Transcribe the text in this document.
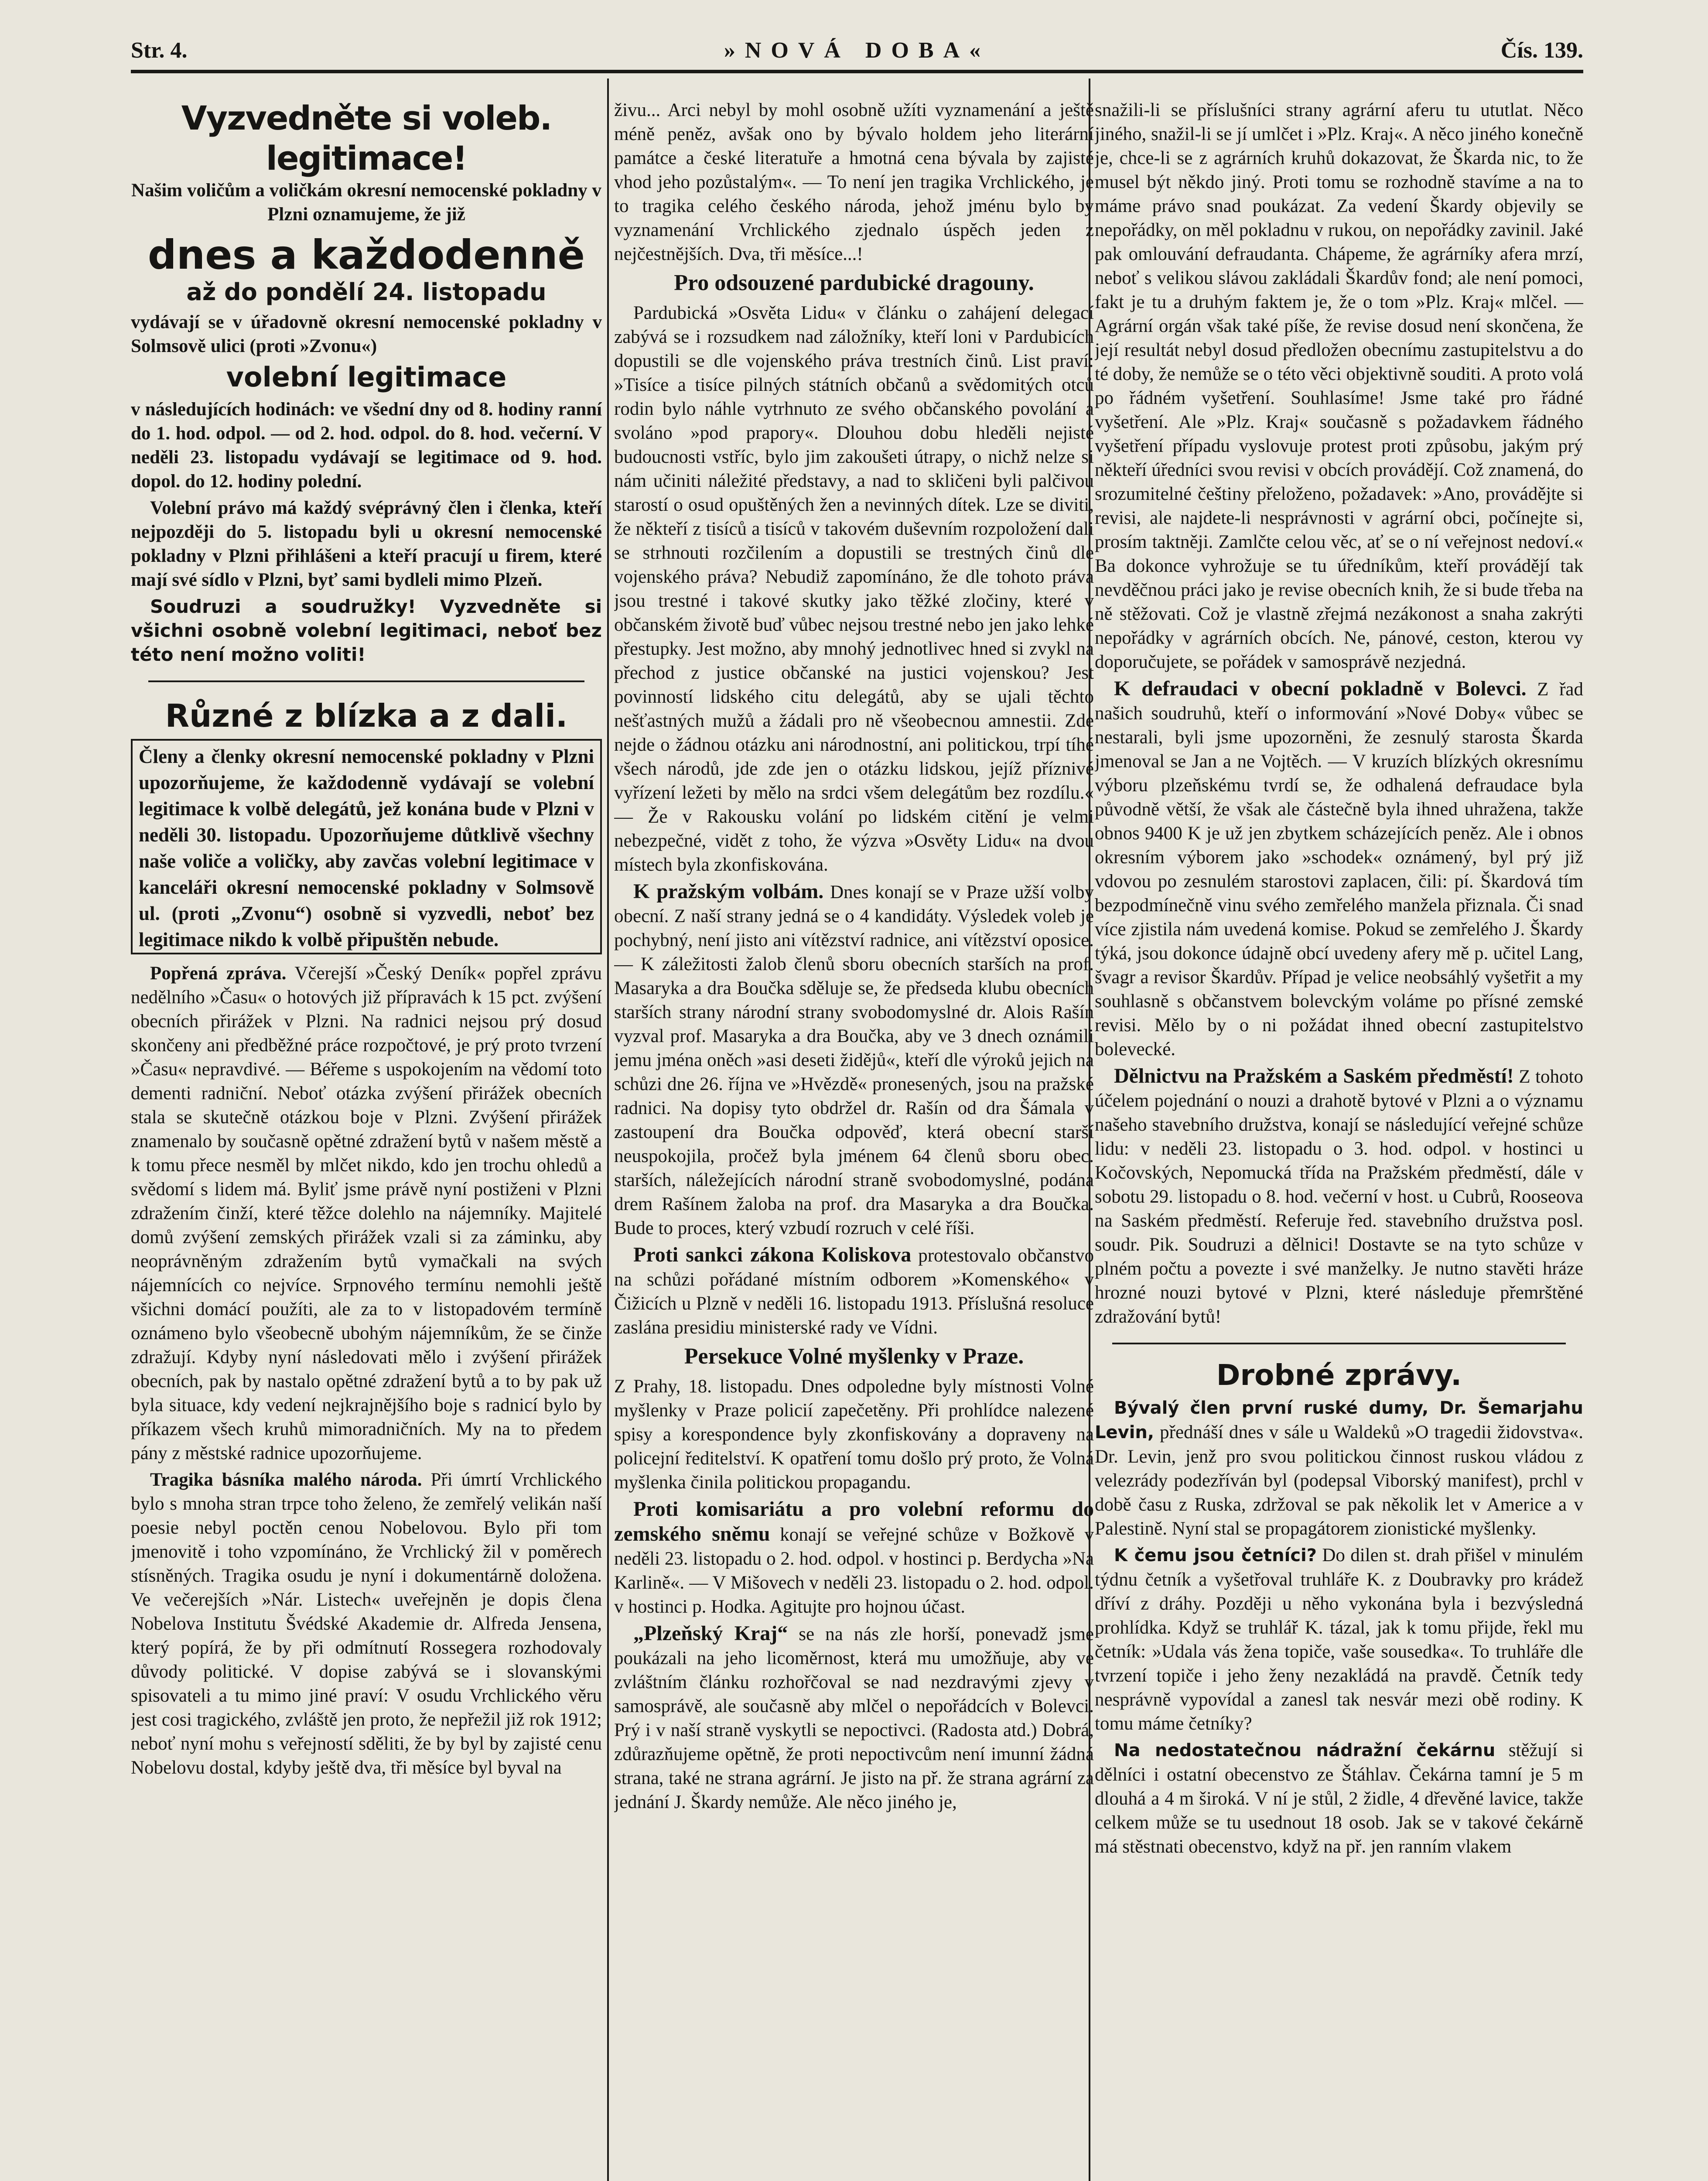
Str. 4.	»NOVÁ DOBA«	Čís. 139.
Vyzvedněte si voleb. legitimace!

Našim voličům a voličkám okresní nemocenské pokladny v Plzni oznamujeme, že již

dnes a každodenně
až do pondělí 24. listopadu

vydávají se v úřadovně okresní nemocenské pokladny v Solmsově ulici (proti »Zvonu«)

volební legitimace

v následujících hodinách: ve všední dny od 8. hodiny ranní do 1. hod. odpol. — od 2. hod. odpol. do 8. hod. večerní. V neděli 23. listopadu vydávají se legitimace od 9. hod. dopol. do 12. hodiny polední.

Volební právo má každý svéprávný člen i členka, kteří nejpozději do 5. listopadu byli u okresní nemocenské pokladny v Plzni přihlášeni a kteří pracují u firem, které mají své sídlo v Plzni, byť sami bydleli mimo Plzeň.

Soudruzi a soudružky! Vyzvedněte si všichni osobně volební legitimaci, neboť bez této není možno voliti!

Různé z blízka a z dali.

Členy a členky okresní nemocenské pokladny v Plzni upozorňujeme, že každodenně vydávají se volební legitimace k volbě delegátů, jež konána bude v Plzni v neděli 30. listopadu. Upozorňujeme důtklivě všechny naše voliče a voličky, aby zavčas volební legitimace v kanceláři okresní nemocenské pokladny v Solmsově ul. (proti „Zvonu“) osobně si vyzvedli, neboť bez legitimace nikdo k volbě připuštěn nebude.

Popřená zpráva. Včerejší »Český Deník« popřel zprávu nedělního »Času« o hotových již přípravách k 15 pct. zvýšení obecních přirážek v Plzni. Na radnici nejsou prý dosud skončeny ani předběžné práce rozpočtové, je prý proto tvrzení »Času« nepravdivé. — Béřeme s uspokojením na vědomí toto dementi radniční. Neboť otázka zvýšení přirážek obecních stala se skutečně otázkou boje v Plzni. Zvýšení přirážek znamenalo by současně opětné zdražení bytů v našem městě a k tomu přece nesměl by mlčet nikdo, kdo jen trochu ohledů a svědomí s lidem má. Byliť jsme právě nyní postiženi v Plzni zdražením činží, které těžce dolehlo na nájemníky. Majitelé domů zvýšení zemských přirážek vzali si za záminku, aby neoprávněným zdražením bytů vymačkali na svých nájemnících co nejvíce. Srpnového termínu nemohli ještě všichni domácí použíti, ale za to v listopadovém termíně oznámeno bylo všeobecně ubohým nájemníkům, že se činže zdražují. Kdyby nyní následovati mělo i zvýšení přirážek obecních, pak by nastalo opětné zdražení bytů a to by pak už byla situace, kdy vedení nejkrajnějšího boje s radnicí bylo by příkazem všech kruhů mimoradničních. My na to předem pány z městské radnice upozorňujeme.

Tragika básníka malého národa. Při úmrtí Vrchlického bylo s mnoha stran trpce toho želeno, že zemřelý velikán naší poesie nebyl poctěn cenou Nobelovou. Bylo při tom jmenovitě i toho vzpomínáno, že Vrchlický žil v poměrech stísněných. Tragika osudu je nyní i dokumentárně doložena. Ve večerejších »Nár. Listech« uveřejněn je dopis člena Nobelova Institutu Švédské Akademie dr. Alfreda Jensena, který popírá, že by při odmítnutí Rossegera rozhodovaly důvody politické. V dopise zabývá se i slovanskými spisovateli a tu mimo jiné praví: V osudu Vrchlického věru jest cosi tragického, zvláště jen proto, že nepřežil již rok 1912; neboť nyní mohu s veřejností sděliti, že by byl by zajisté cenu Nobelovu dostal, kdyby ještě dva, tři měsíce byl byval na

živu... Arci nebyl by mohl osobně užíti vyznamenání a ještě méně peněz, avšak ono by bývalo holdem jeho literární památce a české literatuře a hmotná cena bývala by zajisté vhod jeho pozůstalým«. — To není jen tragika Vrchlického, je to tragika celého českého národa, jehož jménu bylo by vyznamenání Vrchlického zjednalo úspěch jeden z nejčestnějších. Dva, tři měsíce...!

Pro odsouzené pardubické dragouny.

Pardubická »Osvěta Lidu« v článku o zahájení delegací zabývá se i rozsudkem nad záložníky, kteří loni v Pardubicích dopustili se dle vojenského práva trestních činů. List praví: »Tisíce a tisíce pilných státních občanů a svědomitých otců rodin bylo náhle vytrhnuto ze svého občanského povolání a svoláno »pod prapory«. Dlouhou dobu hleděli nejisté budoucnosti vstříc, bylo jim zakoušeti útrapy, o nichž nelze si nám učiniti náležité představy, a nad to skličeni byli palčivou starostí o osud opuštěných žen a nevinných dítek. Lze se diviti, že někteří z tisíců a tisíců v takovém duševním rozpoložení dali se strhnouti rozčilením a dopustili se trestných činů dle vojenského práva? Nebudiž zapomínáno, že dle tohoto práva jsou trestné i takové skutky jako těžké zločiny, které v občanském životě buď vůbec nejsou trestné nebo jen jako lehké přestupky. Jest možno, aby mnohý jednotlivec hned si zvykl na přechod z justice občanské na justici vojenskou? Jest povinností lidského citu delegátů, aby se ujali těchto nešťastných mužů a žádali pro ně všeobecnou amnestii. Zde nejde o žádnou otázku ani národnostní, ani politickou, trpí tíhé všech národů, jde zde jen o otázku lidskou, jejíž příznivé vyřízení ležeti by mělo na srdci všem delegátům bez rozdílu.« — Že v Rakousku volání po lidském citění je velmi nebezpečné, vidět z toho, že výzva »Osvěty Lidu« na dvou místech byla zkonfiskována.

K pražským volbám. Dnes konají se v Praze užší volby obecní. Z naší strany jedná se o 4 kandidáty. Výsledek voleb je pochybný, není jisto ani vítězství radnice, ani vítězství oposice. — K záležitosti žalob členů sboru obecních starších na prof. Masaryka a dra Boučka sděluje se, že předseda klubu obecních starších strany národní strany svobodomyslné dr. Alois Rašín vyzval prof. Masaryka a dra Boučka, aby ve 3 dnech oznámili jemu jména oněch »asi deseti židějů«, kteří dle výroků jejich na schůzi dne 26. října ve »Hvězdě« pronesených, jsou na pražské radnici. Na dopisy tyto obdržel dr. Rašín od dra Šámala v zastoupení dra Boučka odpověď, která obecní starší neuspokojila, pročež byla jménem 64 členů sboru obec. starších, náležejících národní straně svobodomyslné, podána drem Rašínem žaloba na prof. dra Masaryka a dra Boučka. Bude to proces, který vzbudí rozruch v celé říši.

Proti sankci zákona Koliskova protestovalo občanstvo na schůzi pořádané místním odborem »Komenského« v Čižicích u Plzně v neděli 16. listopadu 1913. Příslušná resoluce zaslána presidiu ministerské rady ve Vídni.

Persekuce Volné myšlenky v Praze.

Z Prahy, 18. listopadu. Dnes odpoledne byly místnosti Volné myšlenky v Praze policií zapečetěny. Při prohlídce nalezené spisy a korespondence byly zkonfiskovány a dopraveny na policejní ředitelství. K opatření tomu došlo prý proto, že Volná myšlenka činila politickou propagandu.

Proti komisariátu a pro volební reformu do zemského sněmu konají se veřejné schůze v Božkově v neděli 23. listopadu o 2. hod. odpol. v hostinci p. Berdycha »Na Karlině«. — V Mišovech v neděli 23. listopadu o 2. hod. odpol. v hostinci p. Hodka. Agitujte pro hojnou účast.

„Plzeňský Kraj“ se na nás zle horší, ponevadž jsme poukázali na jeho licoměrnost, která mu umožňuje, aby ve zvláštním článku rozhořčoval se nad nezdravými zjevy v samosprávě, ale současně aby mlčel o nepořádcích v Bolevci. Prý i v naší straně vyskytli se nepoctivci. (Radosta atd.) Dobrá, zdůrazňujeme opětně, že proti nepoctivcům není imunní žádná strana, také ne strana agrární. Je jisto na př. že strana agrární za jednání J. Škardy nemůže. Ale něco jiného je,

snažili-li se příslušníci strany agrární aferu tu ututlat. Něco jiného, snažil-li se jí umlčet i »Plz. Kraj«. A něco jiného konečně je, chce-li se z agrárních kruhů dokazovat, že Škarda nic, to že musel být někdo jiný. Proti tomu se rozhodně stavíme a na to máme právo snad poukázat. Za vedení Škardy objevily se nepořádky, on měl pokladnu v rukou, on nepořádky zavinil. Jaké pak omlouvání defraudanta. Chápeme, že agrárníky afera mrzí, neboť s velikou slávou zakládali Škardův fond; ale není pomoci, fakt je tu a druhým faktem je, že o tom »Plz. Kraj« mlčel. — Agrární orgán však také píše, že revise dosud není skončena, že její resultát nebyl dosud předložen obecnímu zastupitelstvu a do té doby, že nemůže se o této věci objektivně souditi. A proto volá po řádném vyšetření. Souhlasíme! Jsme také pro řádné vyšetření. Ale »Plz. Kraj« současně s požadavkem řádného vyšetření případu vyslovuje protest proti způsobu, jakým prý někteří úředníci svou revisi v obcích provádějí. Což znamená, do srozumitelné češtiny přeloženo, požadavek: »Ano, provádějte si revisi, ale najdete-li nesprávnosti v agrární obci, počínejte si, prosím taktněji. Zamlčte celou věc, ať se o ní veřejnost nedoví.« Ba dokonce vyhrožuje se tu úředníkům, kteří provádějí tak nevděčnou práci jako je revise obecních knih, že si bude třeba na ně stěžovati. Což je vlastně zřejmá nezákonost a snaha zakrýti nepořádky v agrárních obcích. Ne, pánové, ceston, kterou vy doporučujete, se pořádek v samosprávě nezjedná.

K defraudaci v obecní pokladně v Bolevci. Z řad našich soudruhů, kteří o informování »Nové Doby« vůbec se nestarali, byli jsme upozorněni, že zesnulý starosta Škarda jmenoval se Jan a ne Vojtěch. — V kruzích blízkých okresnímu výboru plzeňskému tvrdí se, že odhalená defraudace byla původně větší, že však ale částečně byla ihned uhražena, takže obnos 9400 K je už jen zbytkem scházejících peněz. Ale i obnos okresním výborem jako »schodek« oznámený, byl prý již vdovou po zesnulém starostovi zaplacen, čili: pí. Škardová tím bezpodmínečně vinu svého zemřelého manžela přiznala. Či snad více zjistila nám uvedená komise. Pokud se zemřelého J. Škardy týká, jsou dokonce údajně obcí uvedeny afery mě p. učitel Lang, švagr a revisor Škardův. Případ je velice neobsáhlý vyšetřit a my souhlasně s občanstvem bolevckým voláme po přísné zemské revisi. Mělo by o ni požádat ihned obecní zastupitelstvo bolevecké.

Dělnictvu na Pražském a Saském předměstí! Z tohoto účelem pojednání o nouzi a drahotě bytové v Plzni a o významu našeho stavebního družstva, konají se následující veřejné schůze lidu: v neděli 23. listopadu o 3. hod. odpol. v hostinci u Kočovských, Nepomucká třída na Pražském předměstí, dále v sobotu 29. listopadu o 8. hod. večerní v host. u Cubrů, Rooseova na Saském předměstí. Referuje řed. stavebního družstva posl. soudr. Pik. Soudruzi a dělnici! Dostavte se na tyto schůze v plném počtu a povezte i své manželky. Je nutno stavěti hráze hrozné nouzi bytové v Plzni, které následuje přemrštěné zdražování bytů!

Drobné zprávy.

Bývalý člen první ruské dumy, Dr. Šemarjahu Levin, přednáší dnes v sále u Waldeků »O tragedii židovstva«. Dr. Levin, jenž pro svou politickou činnost ruskou vládou z velezrády podezříván byl (podepsal Viborský manifest), prchl v době času z Ruska, zdržoval se pak několik let v Americe a v Palestině. Nyní stal se propagátorem zionistické myšlenky.

K čemu jsou četníci? Do dilen st. drah přišel v minulém týdnu četník a vyšetřoval truhláře K. z Doubravky pro krádež dříví z dráhy. Později u něho vykonána byla i bezvýsledná prohlídka. Když se truhlář K. tázal, jak k tomu přijde, řekl mu četník: »Udala vás žena topiče, vaše sousedka«. To truhláře dle tvrzení topiče i jeho ženy nezakládá na pravdě. Četník tedy nesprávně vypovídal a zanesl tak nesvár mezi obě rodiny. K tomu máme četníky?

Na nedostatečnou nádražní čekárnu stěžují si dělníci i ostatní obecenstvo ze Štáhlav. Čekárna tamní je 5 m dlouhá a 4 m široká. V ní je stůl, 2 židle, 4 dřevěné lavice, takže celkem může se tu usednout 18 osob. Jak se v takové čekárně má stěstnati obecenstvo, když na př. jen ranním vlakem
